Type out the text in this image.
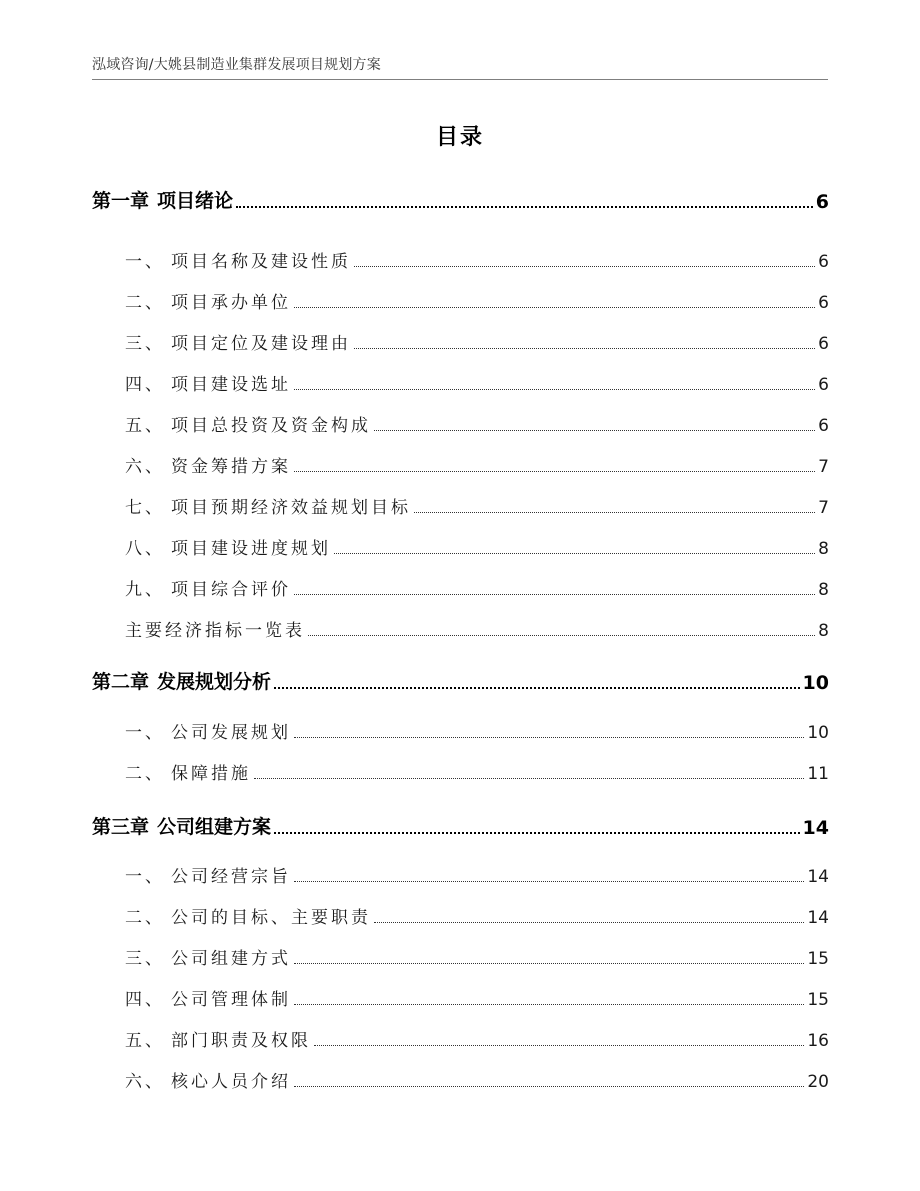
泓域咨询/大姚县制造业集群发展项目规划方案
目录
第一章 项目绪论	6
一、 项目名称及建设性质	6
二、 项目承办单位	6
三、 项目定位及建设理由	6
四、 项目建设选址	6
五、 项目总投资及资金构成	6
六、 资金筹措方案	7
七、 项目预期经济效益规划目标	7
八、 项目建设进度规划	8
九、 项目综合评价	8
主要经济指标一览表	8
第二章 发展规划分析	10
一、 公司发展规划	10
二、 保障措施	11
第三章 公司组建方案	14
一、 公司经营宗旨	14
二、 公司的目标、主要职责	14
三、 公司组建方式	15
四、 公司管理体制	15
五、 部门职责及权限	16
六、 核心人员介绍	20
